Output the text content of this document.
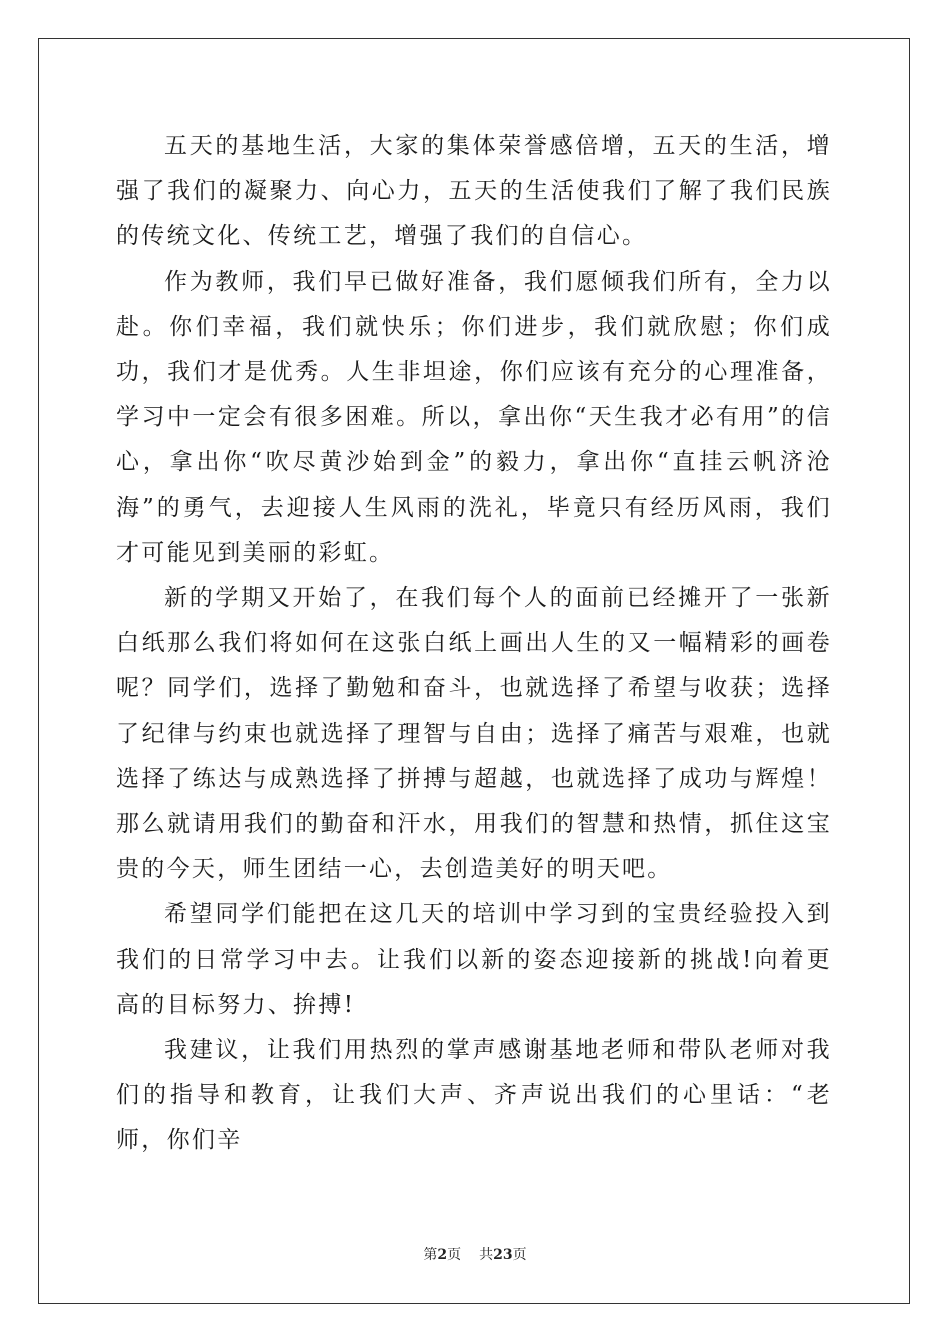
五天的基地生活，大家的集体荣誉感倍增，五天的生活，增强了我们的凝聚力、向心力，五天的生活使我们了解了我们民族的传统文化、传统工艺，增强了我们的自信心。

作为教师，我们早已做好准备，我们愿倾我们所有，全力以赴。你们幸福，我们就快乐；你们进步，我们就欣慰；你们成功，我们才是优秀。人生非坦途，你们应该有充分的心理准备，学习中一定会有很多困难。所以，拿出你“天生我才必有用”的信心，拿出你“吹尽黄沙始到金”的毅力，拿出你“直挂云帆济沧海”的勇气，去迎接人生风雨的洗礼，毕竟只有经历风雨，我们才可能见到美丽的彩虹。

新的学期又开始了，在我们每个人的面前已经摊开了一张新白纸那么我们将如何在这张白纸上画出人生的又一幅精彩的画卷呢？同学们，选择了勤勉和奋斗，也就选择了希望与收获；选择了纪律与约束也就选择了理智与自由；选择了痛苦与艰难，也就选择了练达与成熟选择了拼搏与超越，也就选择了成功与辉煌！那么就请用我们的勤奋和汗水，用我们的智慧和热情，抓住这宝贵的今天，师生团结一心，去创造美好的明天吧。

希望同学们能把在这几天的培训中学习到的宝贵经验投入到我们的日常学习中去。让我们以新的姿态迎接新的挑战!向着更高的目标努力、拚搏!

我建议，让我们用热烈的掌声感谢基地老师和带队老师对我们的指导和教育，让我们大声、齐声说出我们的心里话：“老师，你们辛

第2页 共23页
